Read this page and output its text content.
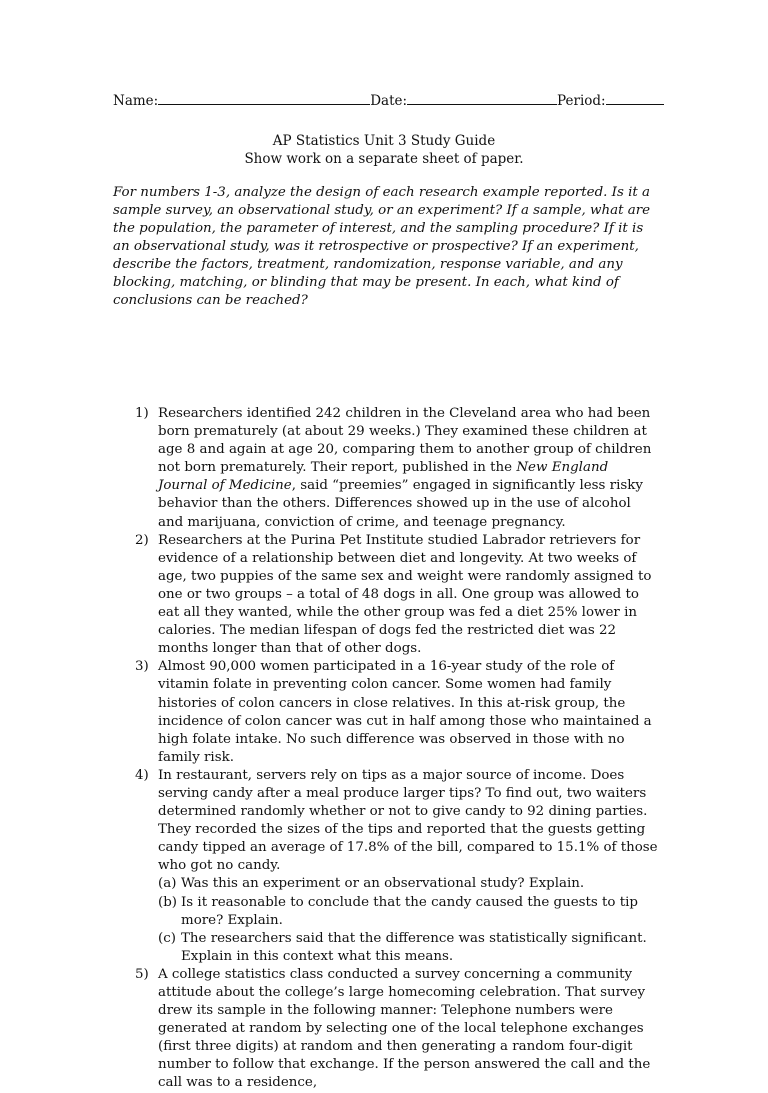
Name:	Date:	Period:
AP Statistics Unit 3 Study Guide
Show work on a separate sheet of paper.
For numbers 1-3, analyze the design of each research example reported. Is it a sample survey, an observational study, or an experiment? If a sample, what are the population, the parameter of interest, and the sampling procedure? If it is an observational study, was it retrospective or prospective? If an experiment, describe the factors, treatment, randomization, response variable, and any blocking, matching, or blinding that may be present. In each, what kind of conclusions can be reached?
1) Researchers identified 242 children in the Cleveland area who had been born prematurely (at about 29 weeks.) They examined these children at age 8 and again at age 20, comparing them to another group of children not born prematurely. Their report, published in the New England Journal of Medicine, said “preemies” engaged in significantly less risky behavior than the others. Differences showed up in the use of alcohol and marijuana, conviction of crime, and teenage pregnancy.
2) Researchers at the Purina Pet Institute studied Labrador retrievers for evidence of a relationship between diet and longevity. At two weeks of age, two puppies of the same sex and weight were randomly assigned to one or two groups – a total of 48 dogs in all. One group was allowed to eat all they wanted, while the other group was fed a diet 25% lower in calories. The median lifespan of dogs fed the restricted diet was 22 months longer than that of other dogs.
3) Almost 90,000 women participated in a 16-year study of the role of vitamin folate in preventing colon cancer. Some women had family histories of colon cancers in close relatives. In this at-risk group, the incidence of colon cancer was cut in half among those who maintained a high folate intake. No such difference was observed in those with no family risk.
4) In restaurant, servers rely on tips as a major source of income. Does serving candy after a meal produce larger tips? To find out, two waiters determined randomly whether or not to give candy to 92 dining parties. They recorded the sizes of the tips and reported that the guests getting candy tipped an average of 17.8% of the bill, compared to 15.1% of those who got no candy.
(a) Was this an experiment or an observational study? Explain.
(b) Is it reasonable to conclude that the candy caused the guests to tip more? Explain.
(c) The researchers said that the difference was statistically significant. Explain in this context what this means.
5) A college statistics class conducted a survey concerning a community attitude about the college’s large homecoming celebration. That survey drew its sample in the following manner: Telephone numbers were generated at random by selecting one of the local telephone exchanges (first three digits) at random and then generating a random four-digit number to follow that exchange. If the person answered the call and the call was to a residence,
